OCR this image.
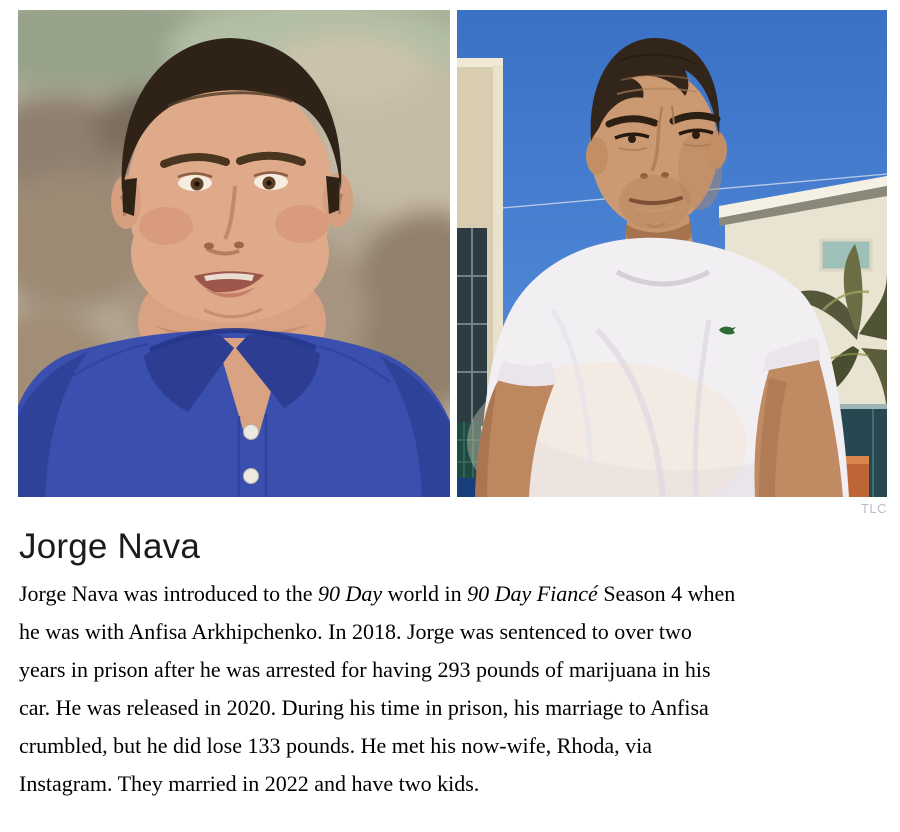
TLC
Jorge Nava
Jorge Nava was introduced to the 90 Day world in 90 Day Fiancé Season 4 when
he was with Anfisa Arkhipchenko. In 2018. Jorge was sentenced to over two
years in prison after he was arrested for having 293 pounds of marijuana in his
car. He was released in 2020. During his time in prison, his marriage to Anfisa
crumbled, but he did lose 133 pounds. He met his now-wife, Rhoda, via
Instagram. They married in 2022 and have two kids.
